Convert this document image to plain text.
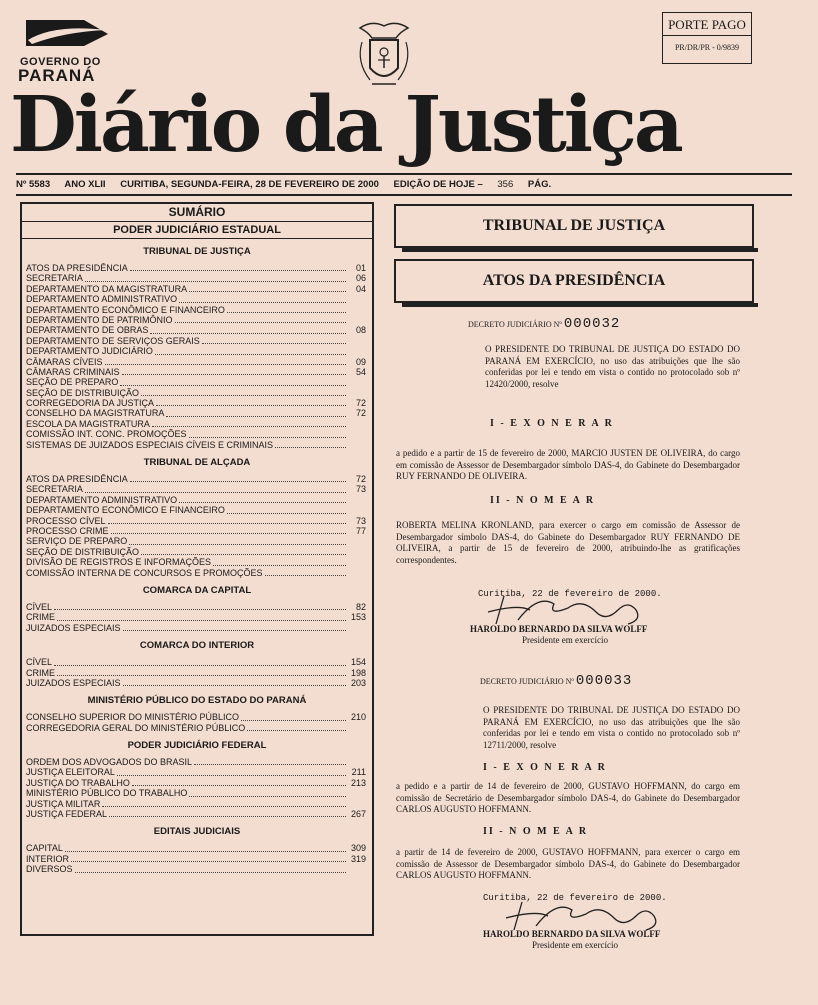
GOVERNO DO
PARANÁ
PORTE PAGO
PR/DR/PR - 0/9839
Diário da Justiça
Nº 5583 ANO XLII CURITIBA, SEGUNDA-FEIRA, 28 DE FEVEREIRO DE 2000 EDIÇÃO DE HOJE – 356 PÁG.
SUMÁRIO
PODER JUDICIÁRIO ESTADUAL
TRIBUNAL DE JUSTIÇA
ATOS DA PRESIDÊNCIA	01
SECRETARIA	06
DEPARTAMENTO DA MAGISTRATURA	04
DEPARTAMENTO ADMINISTRATIVO
DEPARTAMENTO ECONÔMICO E FINANCEIRO
DEPARTAMENTO DE PATRIMÔNIO
DEPARTAMENTO DE OBRAS	08
DEPARTAMENTO DE SERVIÇOS GERAIS
DEPARTAMENTO JUDICIÁRIO
CÂMARAS CÍVEIS	09
CÂMARAS CRIMINAIS	54
SEÇÃO DE PREPARO
SEÇÃO DE DISTRIBUIÇÃO
CORREGEDORIA DA JUSTIÇA	72
CONSELHO DA MAGISTRATURA	72
ESCOLA DA MAGISTRATURA
COMISSÃO INT. CONC. PROMOÇÕES
SISTEMAS DE JUIZADOS ESPECIAIS CÍVEIS E CRIMINAIS
TRIBUNAL DE ALÇADA
ATOS DA PRESIDÊNCIA	72
SECRETARIA	73
DEPARTAMENTO ADMINISTRATIVO
DEPARTAMENTO ECONÔMICO E FINANCEIRO
PROCESSO CÍVEL	73
PROCESSO CRIME	77
SERVIÇO DE PREPARO
SEÇÃO DE DISTRIBUIÇÃO
DIVISÃO DE REGISTROS E INFORMAÇÕES
COMISSÃO INTERNA DE CONCURSOS E PROMOÇÕES
COMARCA DA CAPITAL
CÍVEL	82
CRIME	153
JUIZADOS ESPECIAIS
COMARCA DO INTERIOR
CÍVEL	154
CRIME	198
JUIZADOS ESPECIAIS	203
MINISTÉRIO PÚBLICO DO ESTADO DO PARANÁ
CONSELHO SUPERIOR DO MINISTÉRIO PÚBLICO	210
CORREGEDORIA GERAL DO MINISTÉRIO PÚBLICO
PODER JUDICIÁRIO FEDERAL
ORDEM DOS ADVOGADOS DO BRASIL
JUSTIÇA ELEITORAL	211
JUSTIÇA DO TRABALHO	213
MINISTÉRIO PÚBLICO DO TRABALHO
JUSTIÇA MILITAR
JUSTIÇA FEDERAL	267
EDITAIS JUDICIAIS
CAPITAL	309
INTERIOR	319
DIVERSOS
TRIBUNAL DE JUSTIÇA
ATOS DA PRESIDÊNCIA
DECRETO JUDICIÁRIO Nº 000032
O PRESIDENTE DO TRIBUNAL DE JUSTIÇA DO ESTADO DO PARANÁ EM EXERCÍCIO, no uso das atribuições que lhe são conferidas por lei e tendo em vista o contido no protocolado sob nº 12420/2000, resolve
I - E X O N E R A R
a pedido e a partir de 15 de fevereiro de 2000, MARCIO JUSTEN DE OLIVEIRA, do cargo em comissão de Assessor de Desembargador símbolo DAS-4, do Gabinete do Desembargador RUY FERNANDO DE OLIVEIRA.
II - N O M E A R
ROBERTA MELINA KRONLAND, para exercer o cargo em comissão de Assessor de Desembargador símbolo DAS-4, do Gabinete do Desembargador RUY FERNANDO DE OLIVEIRA, a partir de 15 de fevereiro de 2000, atribuindo-lhe as gratificações correspondentes.
Curitiba, 22 de fevereiro de 2000.
HAROLDO BERNARDO DA SILVA WOLFF
Presidente em exercício
DECRETO JUDICIÁRIO Nº 000033
O PRESIDENTE DO TRIBUNAL DE JUSTIÇA DO ESTADO DO PARANÁ EM EXERCÍCIO, no uso das atribuições que lhe são conferidas por lei e tendo em vista o contido no protocolado sob nº 12711/2000, resolve
I - E X O N E R A R
a pedido e a partir de 14 de fevereiro de 2000, GUSTAVO HOFFMANN, do cargo em comissão de Secretário de Desembargador símbolo DAS-4, do Gabinete do Desembargador CARLOS AUGUSTO HOFFMANN.
II - N O M E A R
a partir de 14 de fevereiro de 2000, GUSTAVO HOFFMANN, para exercer o cargo em comissão de Assessor de Desembargador símbolo DAS-4, do Gabinete do Desembargador CARLOS AUGUSTO HOFFMANN.
Curitiba, 22 de fevereiro de 2000.
HAROLDO BERNARDO DA SILVA WOLFF
Presidente em exercício
